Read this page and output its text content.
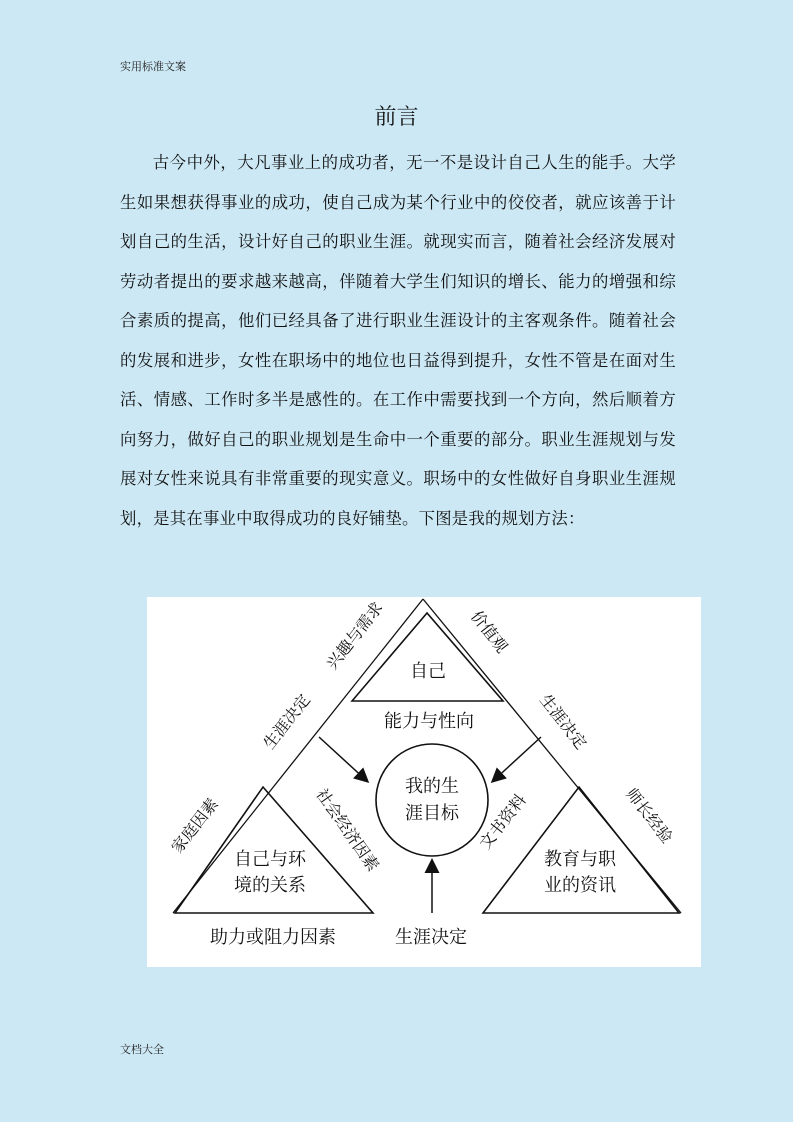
实用标准文案
前言

古今中外，大凡事业上的成功者，无一不是设计自己人生的能手。大学生如果想获得事业的成功，使自己成为某个行业中的佼佼者，就应该善于计划自己的生活，设计好自己的职业生涯。就现实而言，随着社会经济发展对劳动者提出的要求越来越高，伴随着大学生们知识的增长、能力的增强和综合素质的提高，他们已经具备了进行职业生涯设计的主客观条件。随着社会的发展和进步，女性在职场中的地位也日益得到提升，女性不管是在面对生活、情感、工作时多半是感性的。在工作中需要找到一个方向，然后顺着方向努力，做好自己的职业规划是生命中一个重要的部分。职业生涯规划与发展对女性来说具有非常重要的现实意义。职场中的女性做好自身职业生涯规划，是其在事业中取得成功的良好铺垫。下图是我的规划方法：

自己
能力与性向
我的生
涯目标
自己与环
境的关系
教育与职
业的资讯
助力或阻力因素	生涯决定
兴趣与需求	价值观
生涯决定	生涯决定
家庭因素	社会经济因素	文书资料	师长经验
文档大全
